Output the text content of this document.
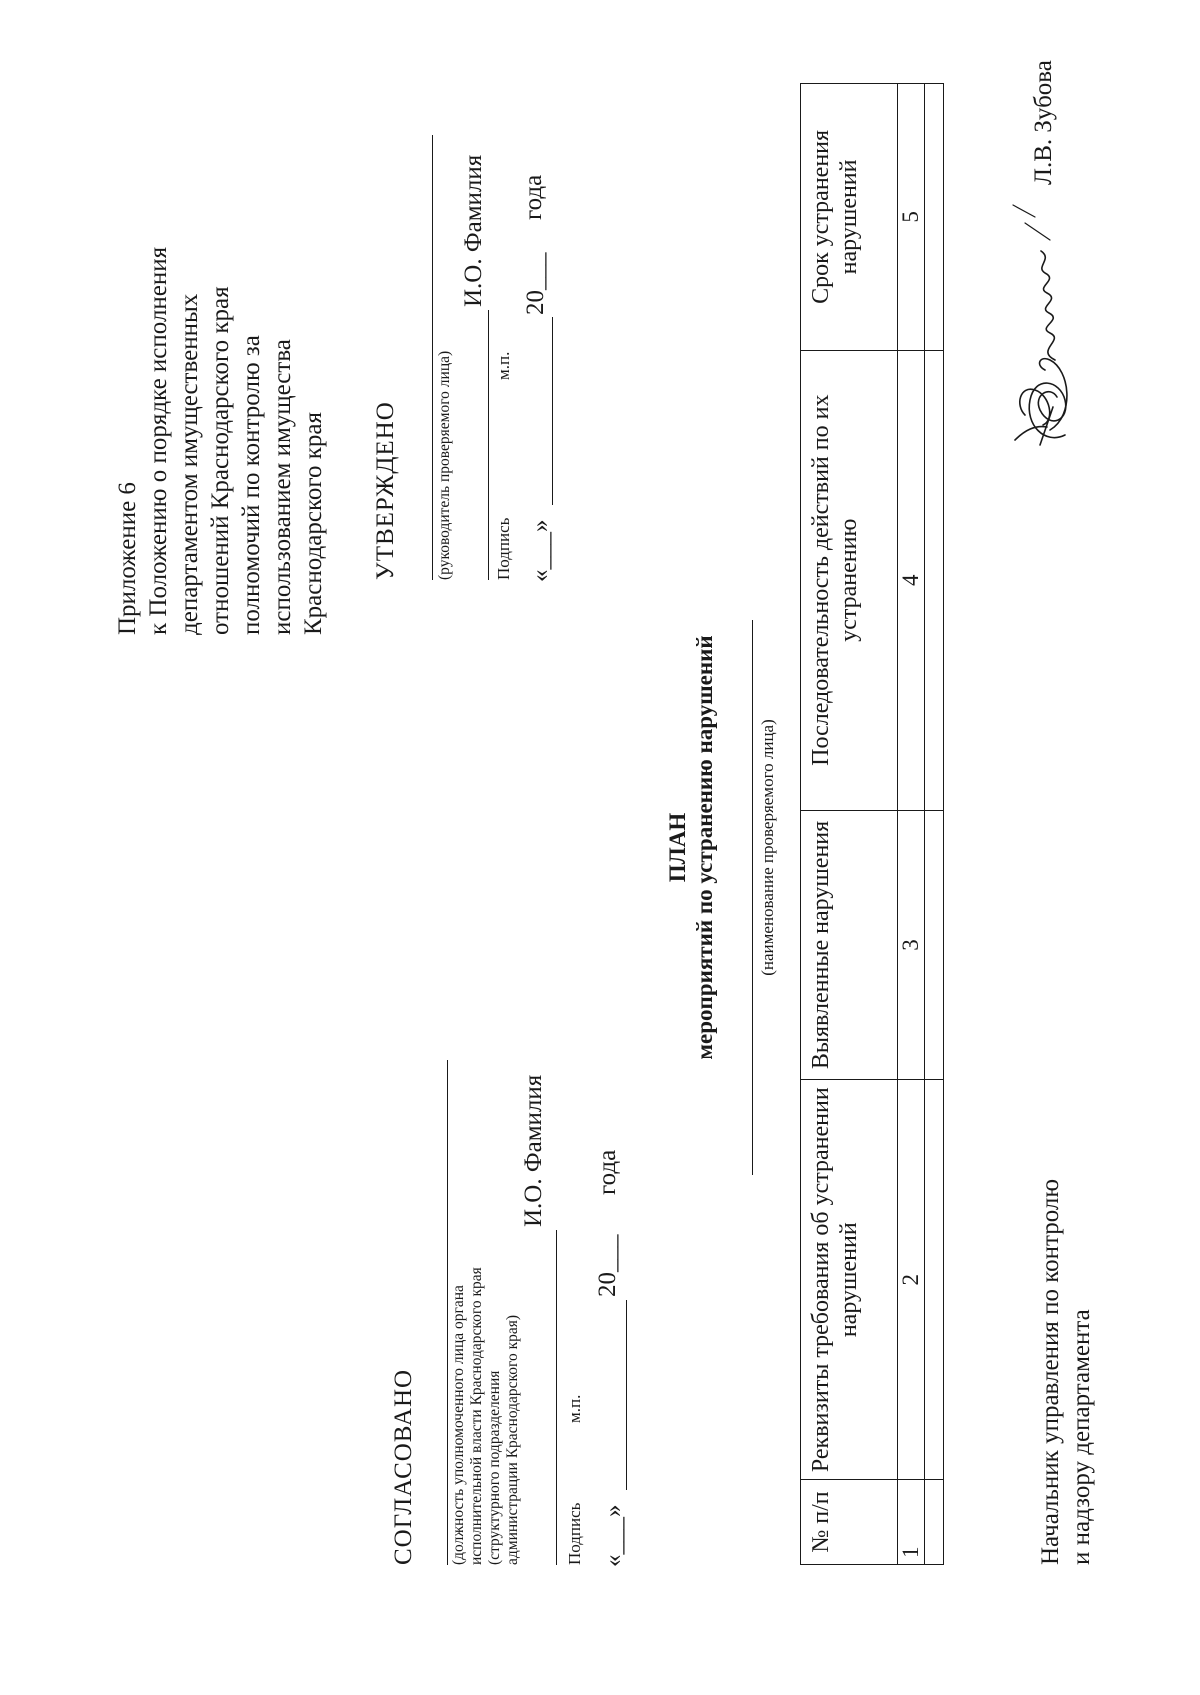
Приложение 6 к Положению о порядке исполнения департаментом имущественных отношений Краснодарского края полномочий по контролю за использованием имущества Краснодарского края
СОГЛАСОВАНО (должность уполномоченного лица органа исполнительной власти Краснодарского края (структурного подразделения администрации Краснодарского края)
И.О. Фамилия
Подпись
м.п.
«___»
20___
года
УТВЕРЖДЕНО (руководитель проверяемого лица)
И.О. Фамилия
Подпись
м.п.
«___»
20___
года
ПЛАН мероприятий по устранению нарушений (наименование проверяемого лица)
№ п/п	Реквизиты требования об устранении нарушений	Выявленные нарушения	Последовательность действий по их устранению	Срок устранения нарушений
1	2	3	4	5

Начальник управления по контролю и надзору департамента
Л.В. Зубова
